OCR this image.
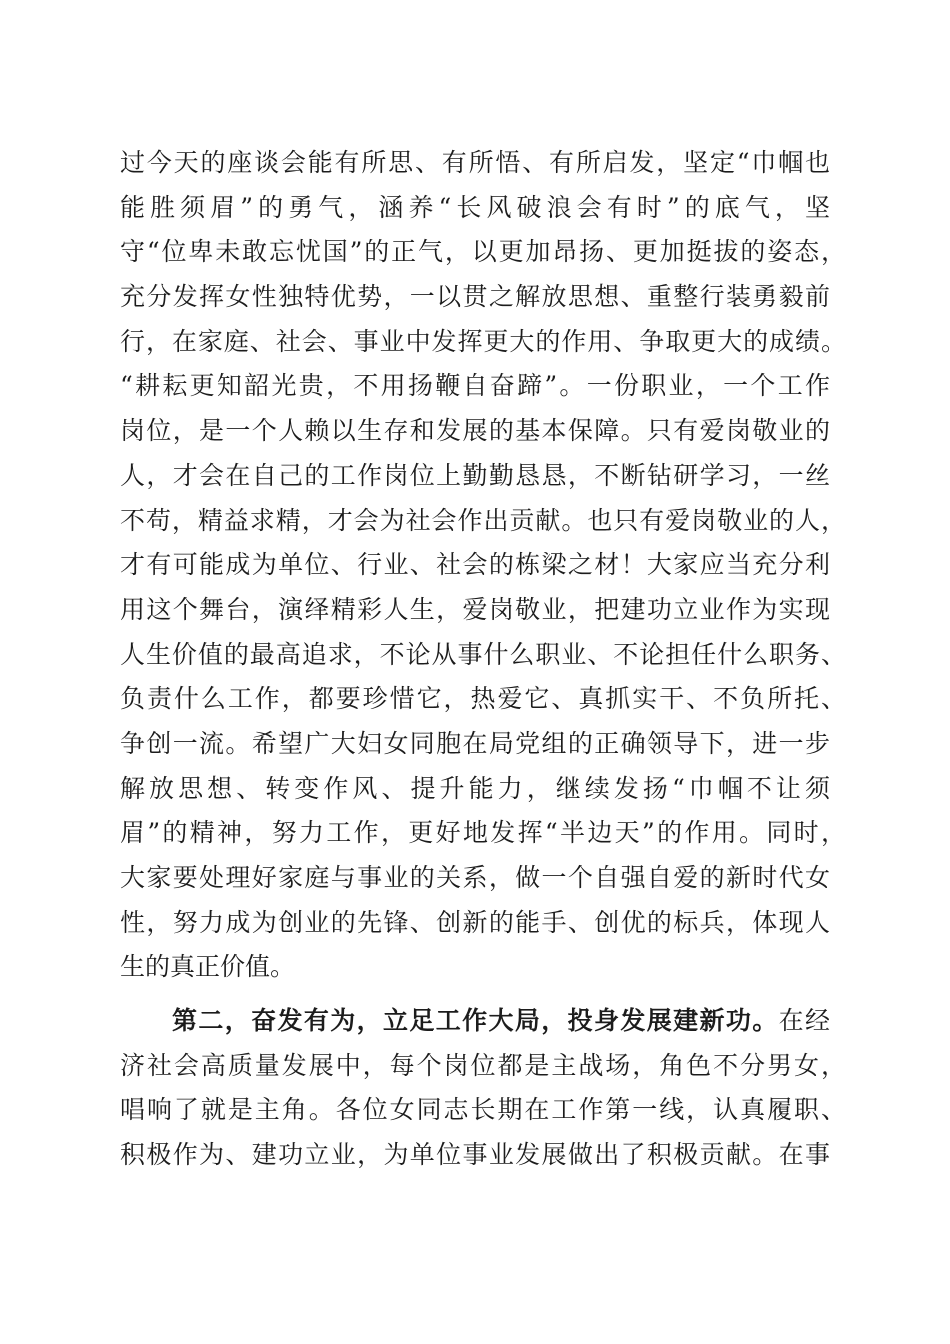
过今天的座谈会能有所思、有所悟、有所启发，坚定“巾帼也
能胜须眉”的勇气，涵养“长风破浪会有时”的底气，坚
守“位卑未敢忘忧国”的正气，以更加昂扬、更加挺拔的姿态，
充分发挥女性独特优势，一以贯之解放思想、重整行装勇毅前
行，在家庭、社会、事业中发挥更大的作用、争取更大的成绩。
“耕耘更知韶光贵，不用扬鞭自奋蹄”。一份职业，一个工作
岗位，是一个人赖以生存和发展的基本保障。只有爱岗敬业的
人，才会在自己的工作岗位上勤勤恳恳，不断钻研学习，一丝
不苟，精益求精，才会为社会作出贡献。也只有爱岗敬业的人，
才有可能成为单位、行业、社会的栋梁之材！大家应当充分利
用这个舞台，演绎精彩人生，爱岗敬业，把建功立业作为实现
人生价值的最高追求，不论从事什么职业、不论担任什么职务、
负责什么工作，都要珍惜它，热爱它、真抓实干、不负所托、
争创一流。希望广大妇女同胞在局党组的正确领导下，进一步
解放思想、转变作风、提升能力，继续发扬“巾帼不让须
眉”的精神，努力工作，更好地发挥“半边天”的作用。同时，
大家要处理好家庭与事业的关系，做一个自强自爱的新时代女
性，努力成为创业的先锋、创新的能手、创优的标兵，体现人
生的真正价值。
第二，奋发有为，立足工作大局，投身发展建新功。在经
济社会高质量发展中，每个岗位都是主战场，角色不分男女，
唱响了就是主角。各位女同志长期在工作第一线，认真履职、
积极作为、建功立业，为单位事业发展做出了积极贡献。在事
